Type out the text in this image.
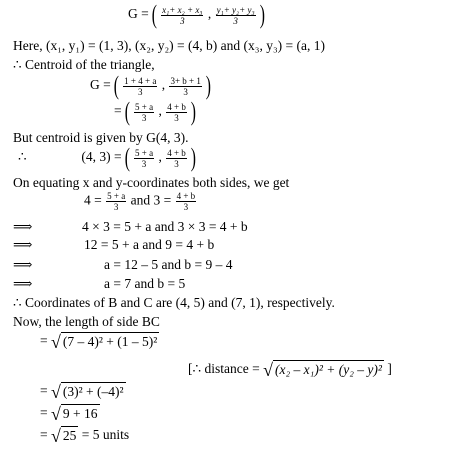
G = ( $\frac{\text{x₁+ x₂ + x₃}}{3}$ , $\frac{\text{y₁+ y₂+ y₃}}{3}$ )
Here, (x₁, y₁) = (1, 3), (x₂, y₂) = (4, b) and (x₃, y₃) = (a, 1)
∴ Centroid of the triangle,
G = ( $\frac{1 + 4 + a}{3}$ , $\frac{3+ b + 1}{3}$ )
= ( $\frac{5 + a}{3}$ , $\frac{4 + b}{3}$ )
But centroid is given by G(4, 3).
∴	(4, 3) = ( $\frac{5 + a}{3}$ , $\frac{4 + b}{3}$ )
On equating x and y-coordinates both sides, we get
$4 = \frac{5 + a}{3}$ and $3 = \frac{4 + b}{3}$
⟹	4 × 3 = 5 + a and 3 × 3 = 4 + b
⟹	12 = 5 + a and 9 = 4 + b
⟹	a = 12 – 5 and b = 9 – 4
⟹	a = 7 and b = 5
∴ Coordinates of B and C are (4, 5) and (7, 1), respectively.
Now, the length of side BC
= √ (7 – 4)² + (1 – 5)²
[∴ distance = √ (x₂ – x₁)² + (y₂ – y)² ]
= √ (3)² + (–4)²
= √ 9 + 16
= √ 25 = 5 units
